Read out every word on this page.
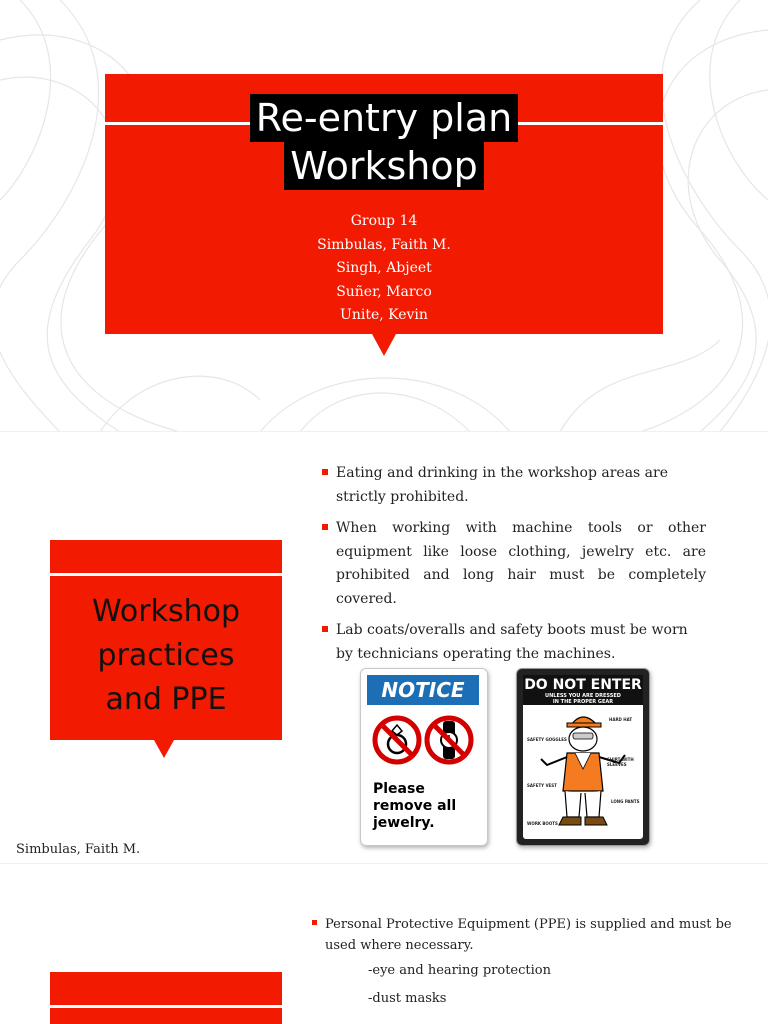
Re-entry plan
Workshop
Group 14
Simbulas, Faith M.
Singh, Abjeet
Suñer, Marco
Unite, Kevin
Workshop
practices
and PPE
Eating and drinking in the workshop areas are strictly prohibited.
When working with machine tools or other equipment like loose clothing, jewelry etc. are prohibited and long hair must be completely covered.
Lab coats/overalls and safety boots must be worn by technicians operating the machines.
NOTICE
Please
remove all
jewelry.
DO NOT ENTER
UNLESS YOU ARE DRESSED
IN THE PROPER GEAR
HARD HAT
SAFETY GOGGLES
SHIRT WITH SLEEVES
SAFETY VEST
LONG PANTS
WORK BOOTS
Simbulas, Faith M.
Personal Protective Equipment (PPE) is supplied and must be used where necessary.
-eye and hearing protection
-dust masks
